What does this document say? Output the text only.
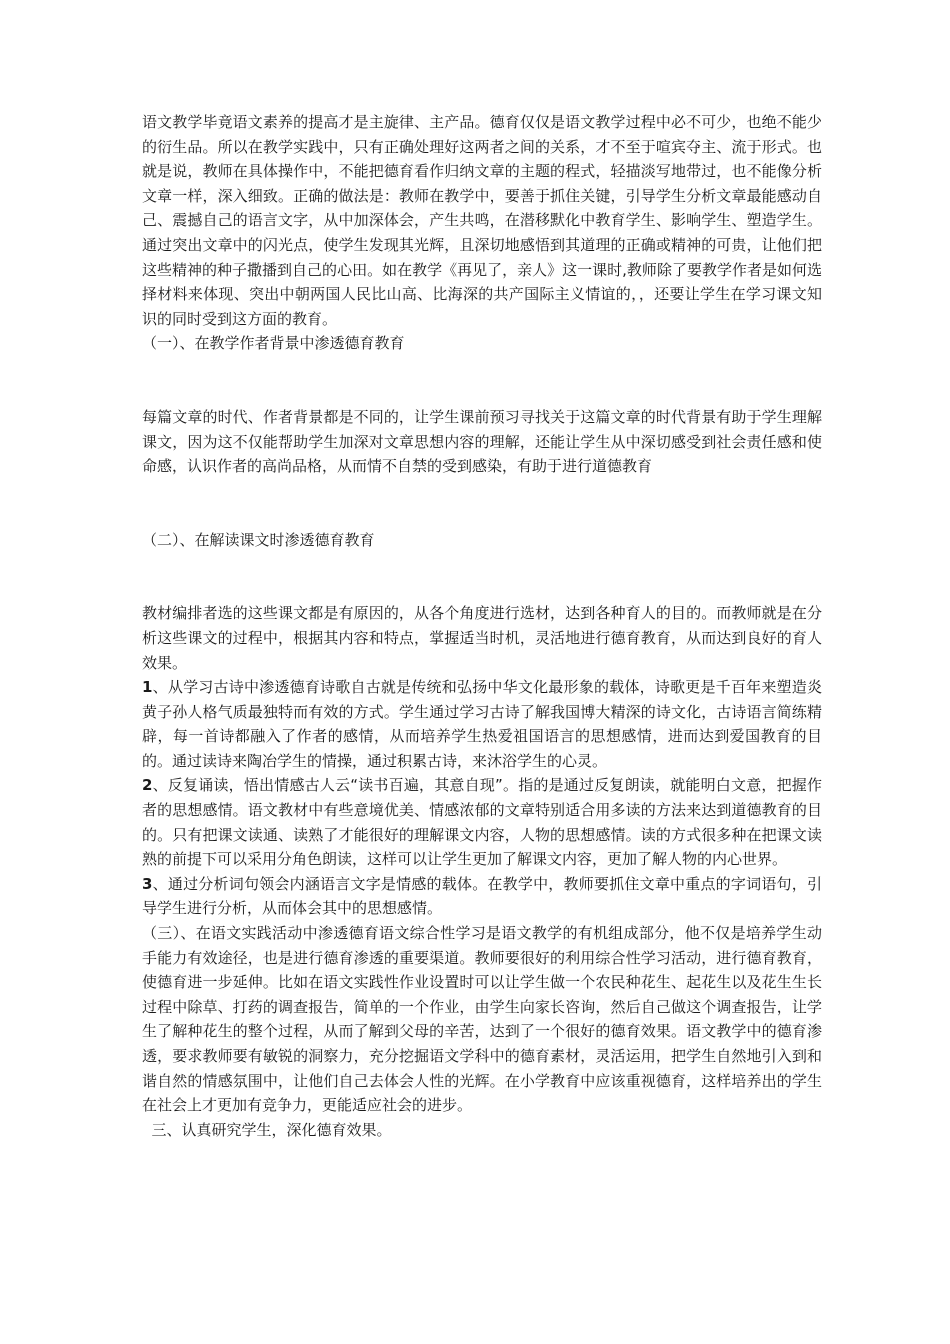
语文教学毕竟语文素养的提高才是主旋律、主产品。德育仅仅是语文教学过程中必不可少，也绝不能少的衍生品。所以在教学实践中，只有正确处理好这两者之间的关系，才不至于喧宾夺主、流于形式。也就是说，教师在具体操作中，不能把德育看作归纳文章的主题的程式，轻描淡写地带过，也不能像分析文章一样，深入细致。正确的做法是：教师在教学中，要善于抓住关键，引导学生分析文章最能感动自己、震撼自己的语言文字，从中加深体会，产生共鸣，在潜移默化中教育学生、影响学生、塑造学生。通过突出文章中的闪光点，使学生发现其光辉，且深切地感悟到其道理的正确或精神的可贵，让他们把这些精神的种子撒播到自己的心田。如在教学《再见了，亲人》这一课时,教师除了要教学作者是如何选择材料来体现、突出中朝两国人民比山高、比海深的共产国际主义情谊的，，还要让学生在学习课文知识的同时受到这方面的教育。

（一）、在教学作者背景中渗透德育教育

每篇文章的时代、作者背景都是不同的，让学生课前预习寻找关于这篇文章的时代背景有助于学生理解课文，因为这不仅能帮助学生加深对文章思想内容的理解，还能让学生从中深切感受到社会责任感和使命感，认识作者的高尚品格，从而情不自禁的受到感染，有助于进行道德教育

（二）、在解读课文时渗透德育教育

教材编排者选的这些课文都是有原因的，从各个角度进行选材，达到各种育人的目的。而教师就是在分析这些课文的过程中，根据其内容和特点，掌握适当时机，灵活地进行德育教育，从而达到良好的育人效果。

1、从学习古诗中渗透德育诗歌自古就是传统和弘扬中华文化最形象的载体，诗歌更是千百年来塑造炎黄子孙人格气质最独特而有效的方式。学生通过学习古诗了解我国博大精深的诗文化，古诗语言简练精辟，每一首诗都融入了作者的感情，从而培养学生热爱祖国语言的思想感情，进而达到爱国教育的目的。通过读诗来陶冶学生的情操，通过积累古诗，来沐浴学生的心灵。

2、反复诵读，悟出情感古人云“读书百遍，其意自现”。指的是通过反复朗读，就能明白文意，把握作者的思想感情。语文教材中有些意境优美、情感浓郁的文章特别适合用多读的方法来达到道德教育的目的。只有把课文读通、读熟了才能很好的理解课文内容，人物的思想感情。读的方式很多种在把课文读熟的前提下可以采用分角色朗读，这样可以让学生更加了解课文内容，更加了解人物的内心世界。

3、通过分析词句领会内涵语言文字是情感的载体。在教学中，教师要抓住文章中重点的字词语句，引导学生进行分析，从而体会其中的思想感情。

（三）、在语文实践活动中渗透德育语文综合性学习是语文教学的有机组成部分，他不仅是培养学生动手能力有效途径，也是进行德育渗透的重要渠道。教师要很好的利用综合性学习活动，进行德育教育，使德育进一步延伸。比如在语文实践性作业设置时可以让学生做一个农民种花生、起花生以及花生生长过程中除草、打药的调查报告，简单的一个作业，由学生向家长咨询，然后自己做这个调查报告，让学生了解种花生的整个过程，从而了解到父母的辛苦，达到了一个很好的德育效果。语文教学中的德育渗透，要求教师要有敏锐的洞察力，充分挖掘语文学科中的德育素材，灵活运用，把学生自然地引入到和谐自然的情感氛围中，让他们自己去体会人性的光辉。在小学教育中应该重视德育，这样培养出的学生在社会上才更加有竞争力，更能适应社会的进步。

三、认真研究学生，深化德育效果。
